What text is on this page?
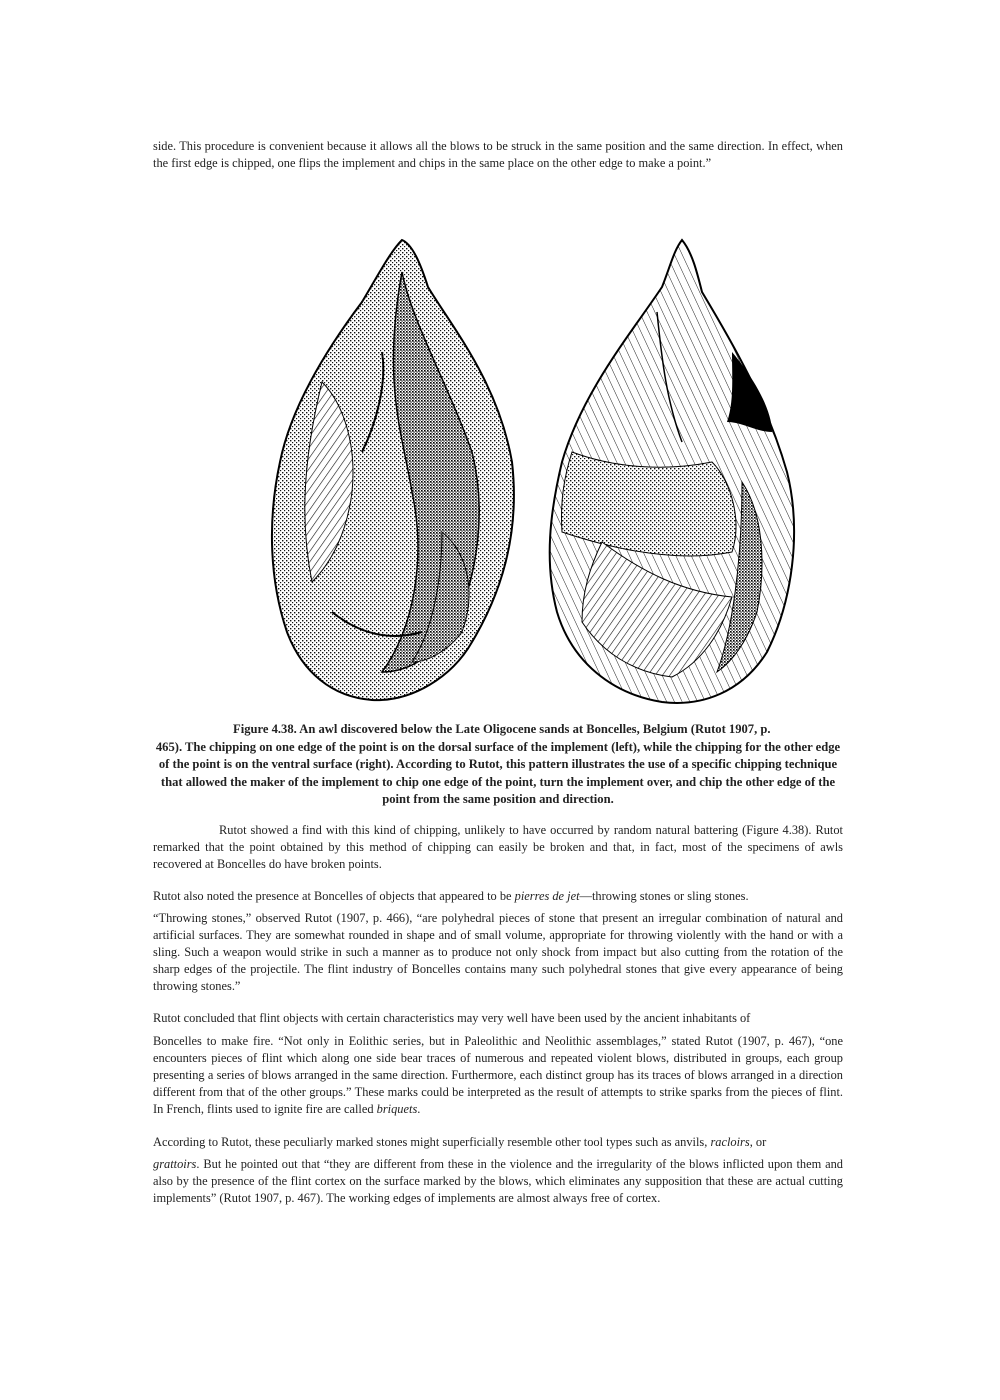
side. This procedure is convenient because it allows all the blows to be struck in the same position and the same direction. In effect, when the first edge is chipped, one flips the implement and chips in the same place on the other edge to make a point.”

Figure 4.38. An awl discovered below the Late Oligocene sands at Boncelles, Belgium (Rutot 1907, p.
465). The chipping on one edge of the point is on the dorsal surface of the implement (left), while the chipping for the other edge of the point is on the ventral surface (right). According to Rutot, this pattern illustrates the use of a specific chipping technique that allowed the maker of the implement to chip one edge of the point, turn the implement over, and chip the other edge of the point from the same position and direction.

Rutot showed a find with this kind of chipping, unlikely to have occurred by random natural battering (Figure 4.38). Rutot remarked that the point obtained by this method of chipping can easily be broken and that, in fact, most of the specimens of awls recovered at Boncelles do have broken points.

Rutot also noted the presence at Boncelles of objects that appeared to be pierres de jet—throwing stones or sling stones.

“Throwing stones,” observed Rutot (1907, p. 466), “are polyhedral pieces of stone that present an irregular combination of natural and artificial surfaces. They are somewhat rounded in shape and of small volume, appropriate for throwing violently with the hand or with a sling. Such a weapon would strike in such a manner as to produce not only shock from impact but also cutting from the rotation of the sharp edges of the projectile. The flint industry of Boncelles contains many such polyhedral stones that give every appearance of being throwing stones.”

Rutot concluded that flint objects with certain characteristics may very well have been used by the ancient inhabitants of

Boncelles to make fire. “Not only in Eolithic series, but in Paleolithic and Neolithic assemblages,” stated Rutot (1907, p. 467), “one encounters pieces of flint which along one side bear traces of numerous and repeated violent blows, distributed in groups, each group presenting a series of blows arranged in the same direction. Furthermore, each distinct group has its traces of blows arranged in a direction different from that of the other groups.” These marks could be interpreted as the result of attempts to strike sparks from the pieces of flint. In French, flints used to ignite fire are called briquets.

According to Rutot, these peculiarly marked stones might superficially resemble other tool types such as anvils, racloirs, or

grattoirs. But he pointed out that “they are different from these in the violence and the irregularity of the blows inflicted upon them and also by the presence of the flint cortex on the surface marked by the blows, which eliminates any supposition that these are actual cutting implements” (Rutot 1907, p. 467). The working edges of implements are almost always free of cortex.
